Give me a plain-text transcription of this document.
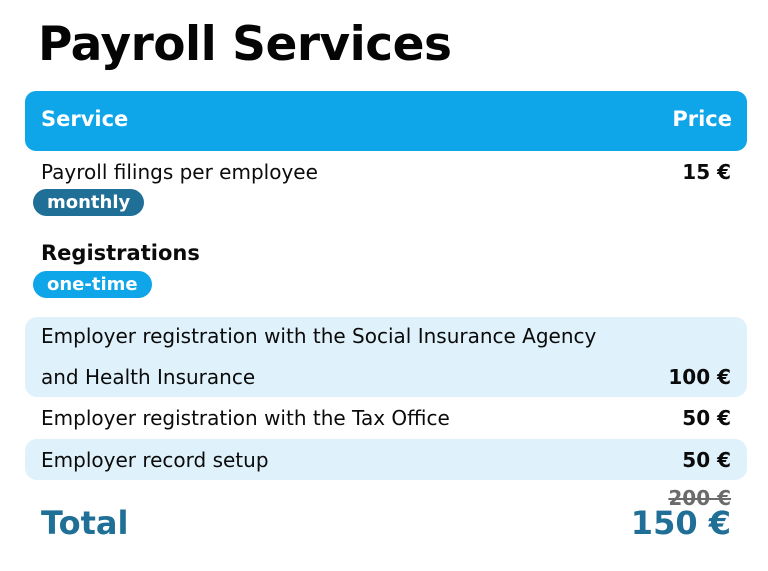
Payroll Services
Service	Price
Payroll filings per employee	15 €
monthly
Registrations
one-time
Employer registration with the Social Insurance Agency
and Health Insurance	100 €
Employer registration with the Tax Office	50 €
Employer record setup	50 €
200 €
Total	150 €
